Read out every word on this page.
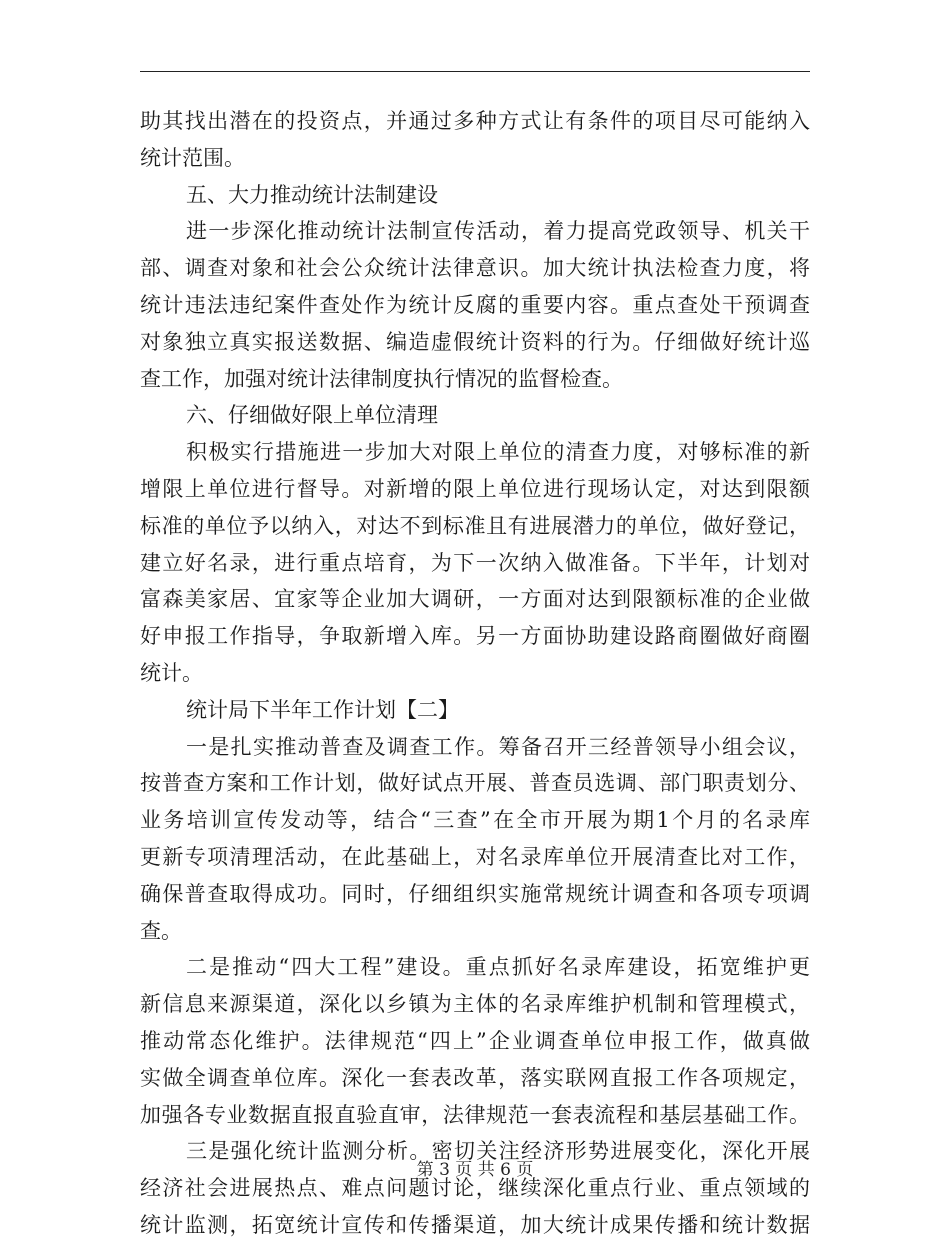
助其找出潜在的投资点，并通过多种方式让有条件的项目尽可能纳入
统计范围。
五、大力推动统计法制建设
进一步深化推动统计法制宣传活动，着力提高党政领导、机关干
部、调查对象和社会公众统计法律意识。加大统计执法检查力度，将
统计违法违纪案件查处作为统计反腐的重要内容。重点查处干预调查
对象独立真实报送数据、编造虚假统计资料的行为。仔细做好统计巡
查工作，加强对统计法律制度执行情况的监督检查。
六、仔细做好限上单位清理
积极实行措施进一步加大对限上单位的清查力度，对够标准的新
增限上单位进行督导。对新增的限上单位进行现场认定，对达到限额
标准的单位予以纳入，对达不到标准且有进展潜力的单位，做好登记，
建立好名录，进行重点培育，为下一次纳入做准备。下半年，计划对
富森美家居、宜家等企业加大调研，一方面对达到限额标准的企业做
好申报工作指导，争取新增入库。另一方面协助建设路商圈做好商圈
统计。
统计局下半年工作计划【二】
一是扎实推动普查及调查工作。筹备召开三经普领导小组会议，
按普查方案和工作计划，做好试点开展、普查员选调、部门职责划分、
业务培训宣传发动等，结合“三查”在全市开展为期1个月的名录库
更新专项清理活动，在此基础上，对名录库单位开展清查比对工作，
确保普查取得成功。同时，仔细组织实施常规统计调查和各项专项调
查。
二是推动“四大工程”建设。重点抓好名录库建设，拓宽维护更
新信息来源渠道，深化以乡镇为主体的名录库维护机制和管理模式，
推动常态化维护。法律规范“四上”企业调查单位申报工作，做真做
实做全调查单位库。深化一套表改革，落实联网直报工作各项规定，
加强各专业数据直报直验直审，法律规范一套表流程和基层基础工作。
三是强化统计监测分析。密切关注经济形势进展变化，深化开展
经济社会进展热点、难点问题讨论，继续深化重点行业、重点领域的
统计监测，拓宽统计宣传和传播渠道，加大统计成果传播和统计数据
第 3 页 共 6 页
